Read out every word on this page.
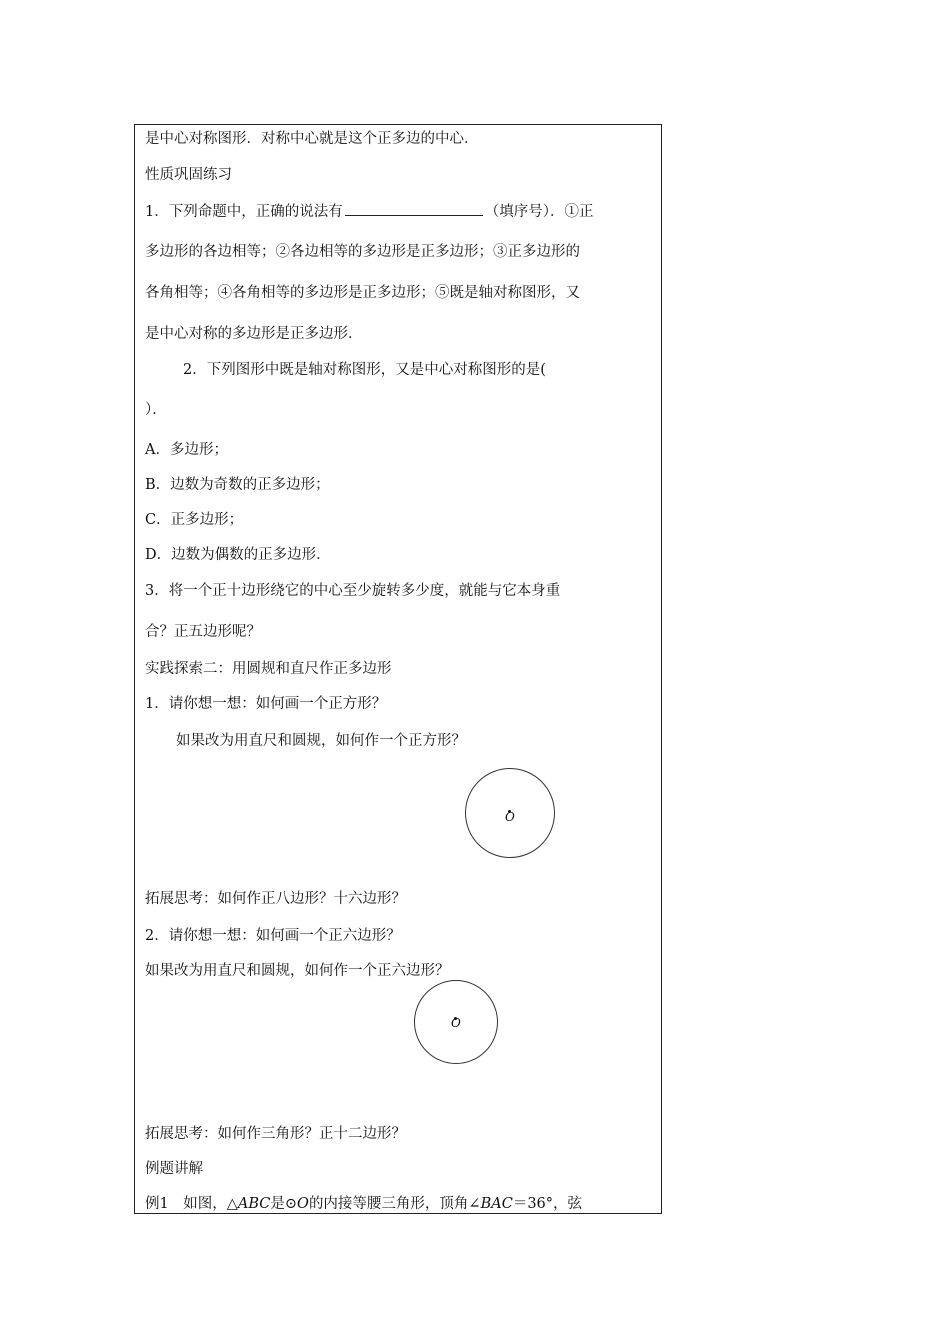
是中心对称图形．对称中心就是这个正多边的中心．
性质巩固练习
1．下列命题中，正确的说法有	（填序号）．①正
多边形的各边相等；②各边相等的多边形是正多边形；③正多边形的
各角相等；④各角相等的多边形是正多边形；⑤既是轴对称图形，又
是中心对称的多边形是正多边形．
2．下列图形中既是轴对称图形，又是中心对称图形的是(
）．
A．多边形；
B．边数为奇数的正多边形；
C．正多边形；
D．边数为偶数的正多边形．
3．将一个正十边形绕它的中心至少旋转多少度，就能与它本身重
合？正五边形呢？
实践探索二：用圆规和直尺作正多边形
1．请你想一想：如何画一个正方形？
如果改为用直尺和圆规，如何作一个正方形？
O
拓展思考：如何作正八边形？十六边形？
2．请你想一想：如何画一个正六边形？
如果改为用直尺和圆规，如何作一个正六边形？
O
拓展思考：如何作三角形？正十二边形？
例题讲解
例1　如图，△ABC是⊙O的内接等腰三角形，顶角∠BAC＝36°，弦
